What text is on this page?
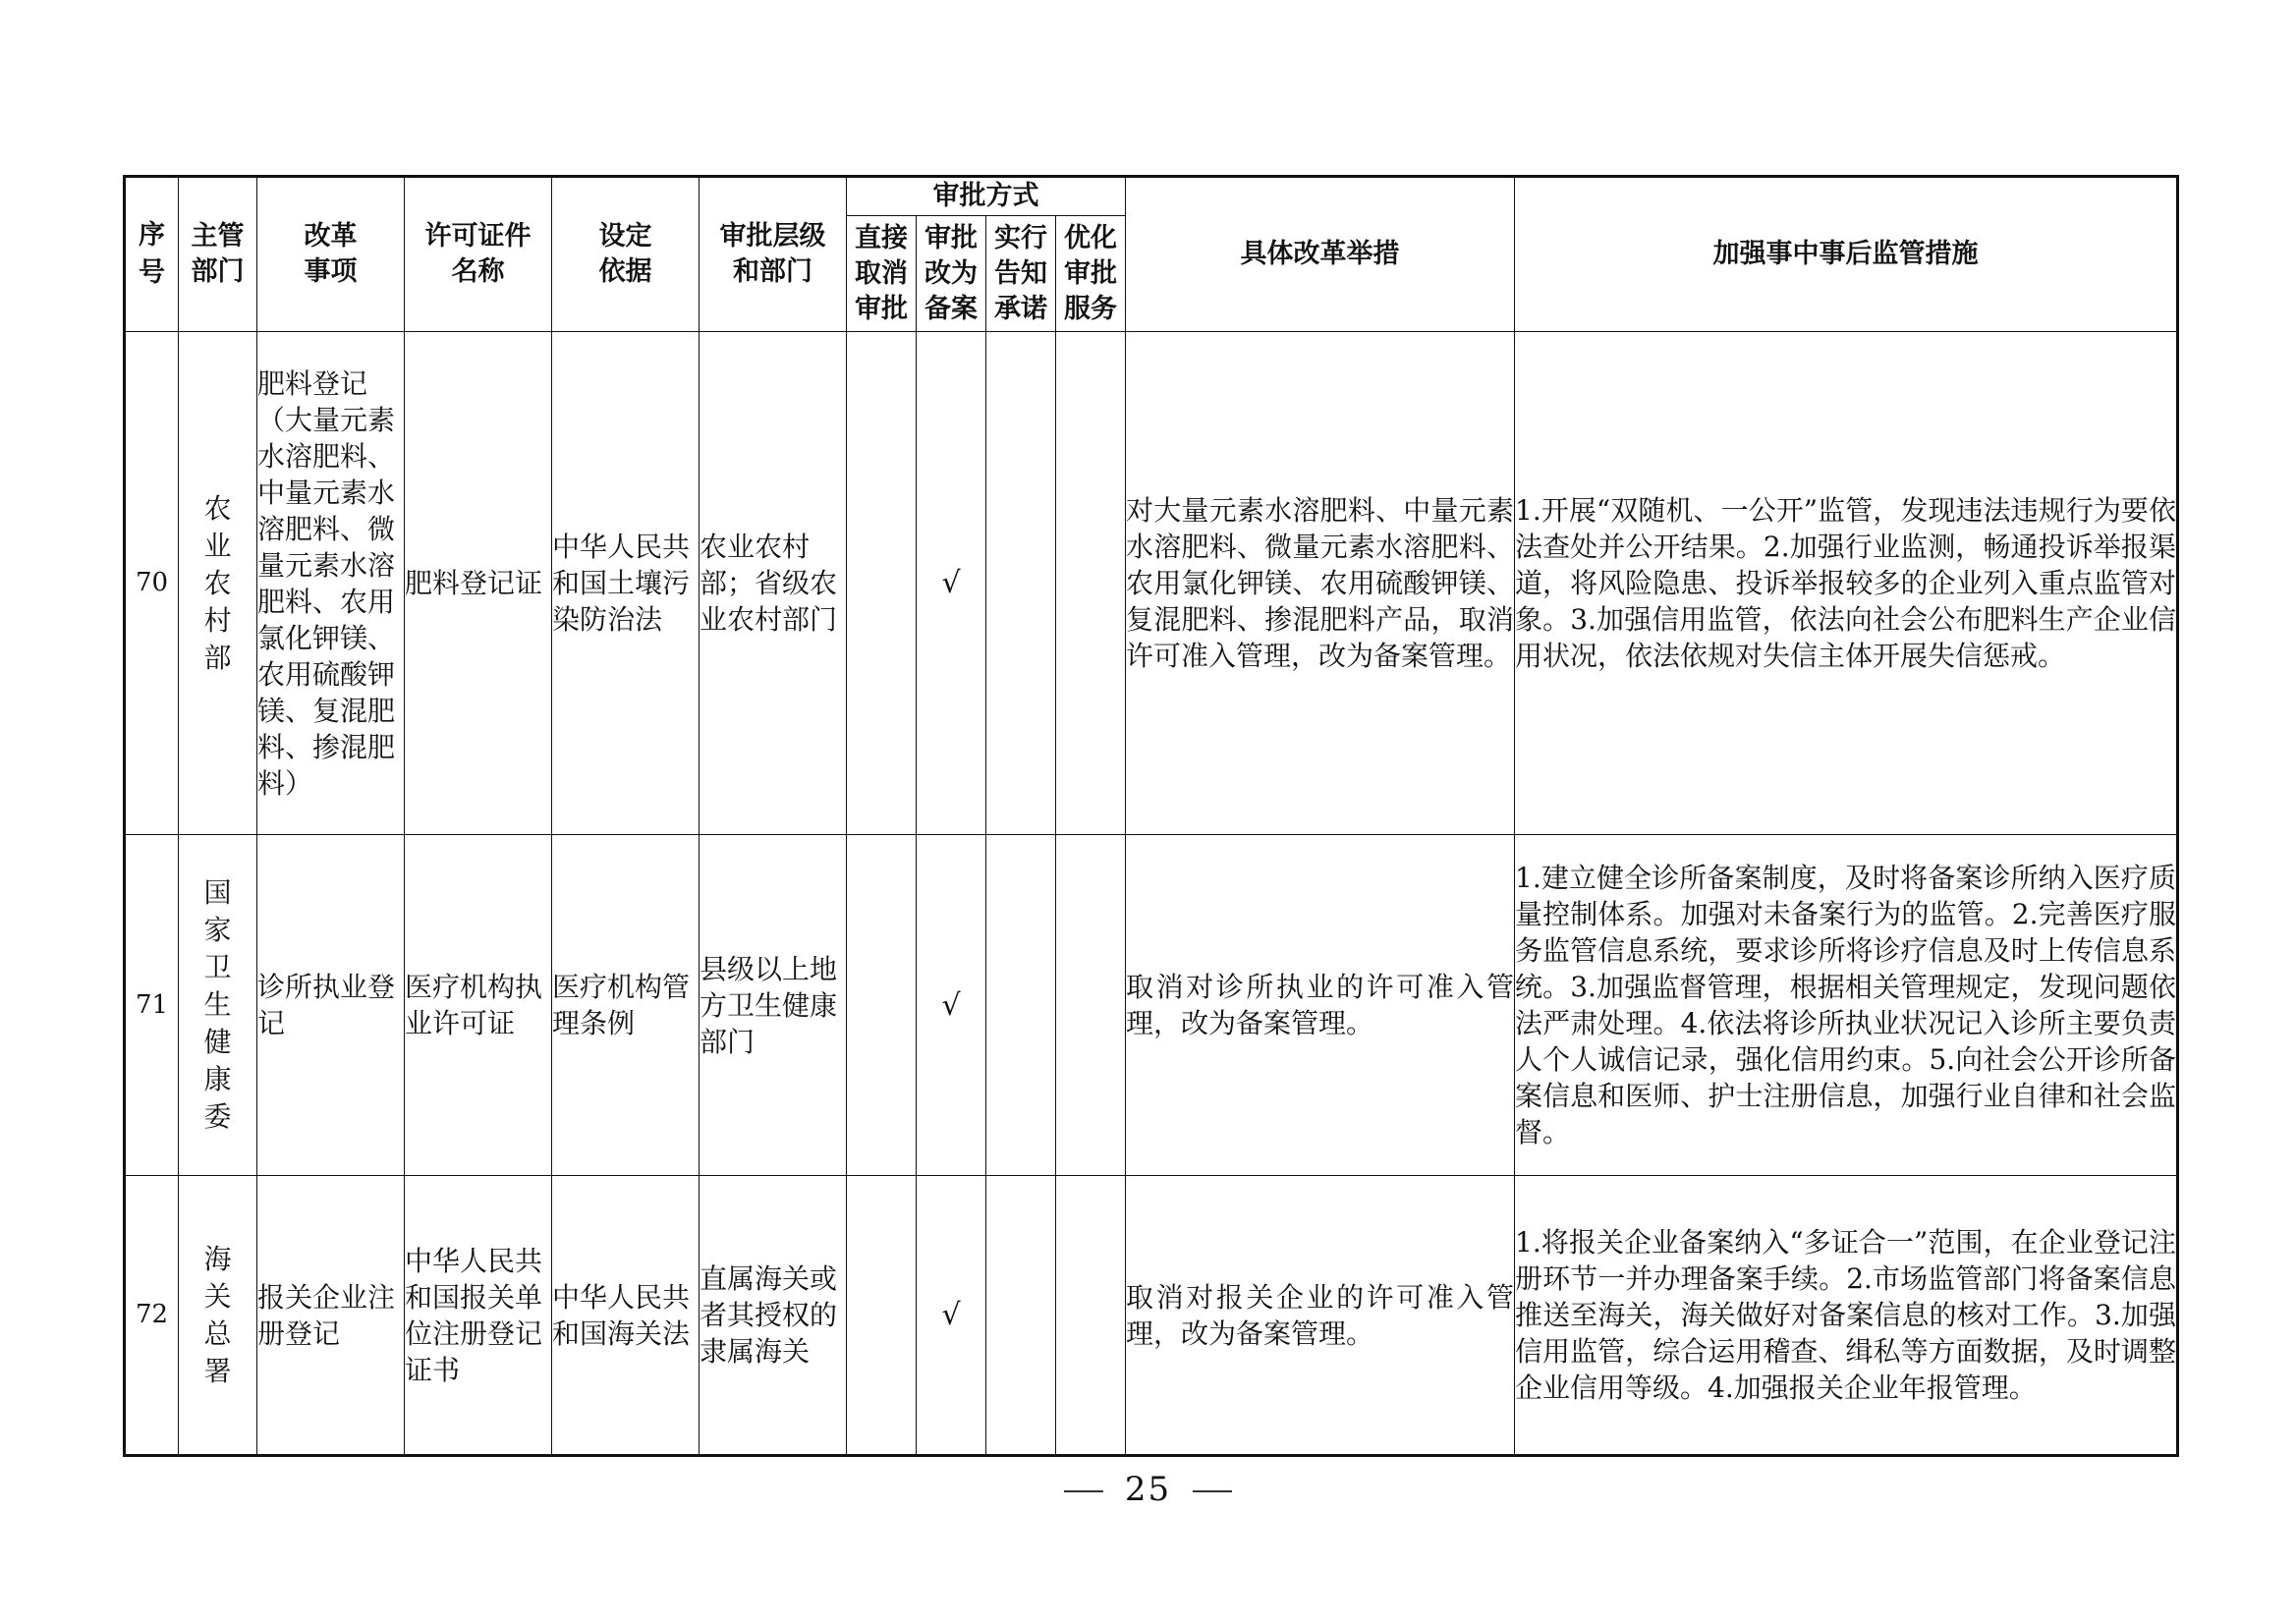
序号	主管部门	改革事项	许可证件名称	设定依据	审批层级和部门	审批方式				具体改革举措	加强事中事后监管措施

						直接取消审批	审批改为备案	实行告知承诺	优化审批服务		

70	农业农村部	肥料登记（大量元素水溶肥料、中量元素水溶肥料、微量元素水溶肥料、农用氯化钾镁、农用硫酸钾镁、复混肥料、掺混肥料）	肥料登记证	中华人民共和国土壤污染防治法	农业农村部；省级农业农村部门		√			对大量元素水溶肥料、中量元素水溶肥料、微量元素水溶肥料、农用氯化钾镁、农用硫酸钾镁、复混肥料、掺混肥料产品，取消许可准入管理，改为备案管理。	1.开展“双随机、一公开”监管，发现违法违规行为要依法查处并公开结果。2.加强行业监测，畅通投诉举报渠道，将风险隐患、投诉举报较多的企业列入重点监管对象。3.加强信用监管，依法向社会公布肥料生产企业信用状况，依法依规对失信主体开展失信惩戒。
71	国家卫生健康委	诊所执业登记	医疗机构执业许可证	医疗机构管理条例	县级以上地方卫生健康部门		√			取消对诊所执业的许可准入管理，改为备案管理。	1.建立健全诊所备案制度，及时将备案诊所纳入医疗质量控制体系。加强对未备案行为的监管。2.完善医疗服务监管信息系统，要求诊所将诊疗信息及时上传信息系统。3.加强监督管理，根据相关管理规定，发现问题依法严肃处理。4.依法将诊所执业状况记入诊所主要负责人个人诚信记录，强化信用约束。5.向社会公开诊所备案信息和医师、护士注册信息，加强行业自律和社会监督。
72	海关总署	报关企业注册登记	中华人民共和国报关单位注册登记证书	中华人民共和国海关法	直属海关或者其授权的隶属海关		√			取消对报关企业的许可准入管理，改为备案管理。	1.将报关企业备案纳入“多证合一”范围，在企业登记注册环节一并办理备案手续。2.市场监管部门将备案信息推送至海关，海关做好对备案信息的核对工作。3.加强信用监管，综合运用稽查、缉私等方面数据，及时调整企业信用等级。4.加强报关企业年报管理。
25
